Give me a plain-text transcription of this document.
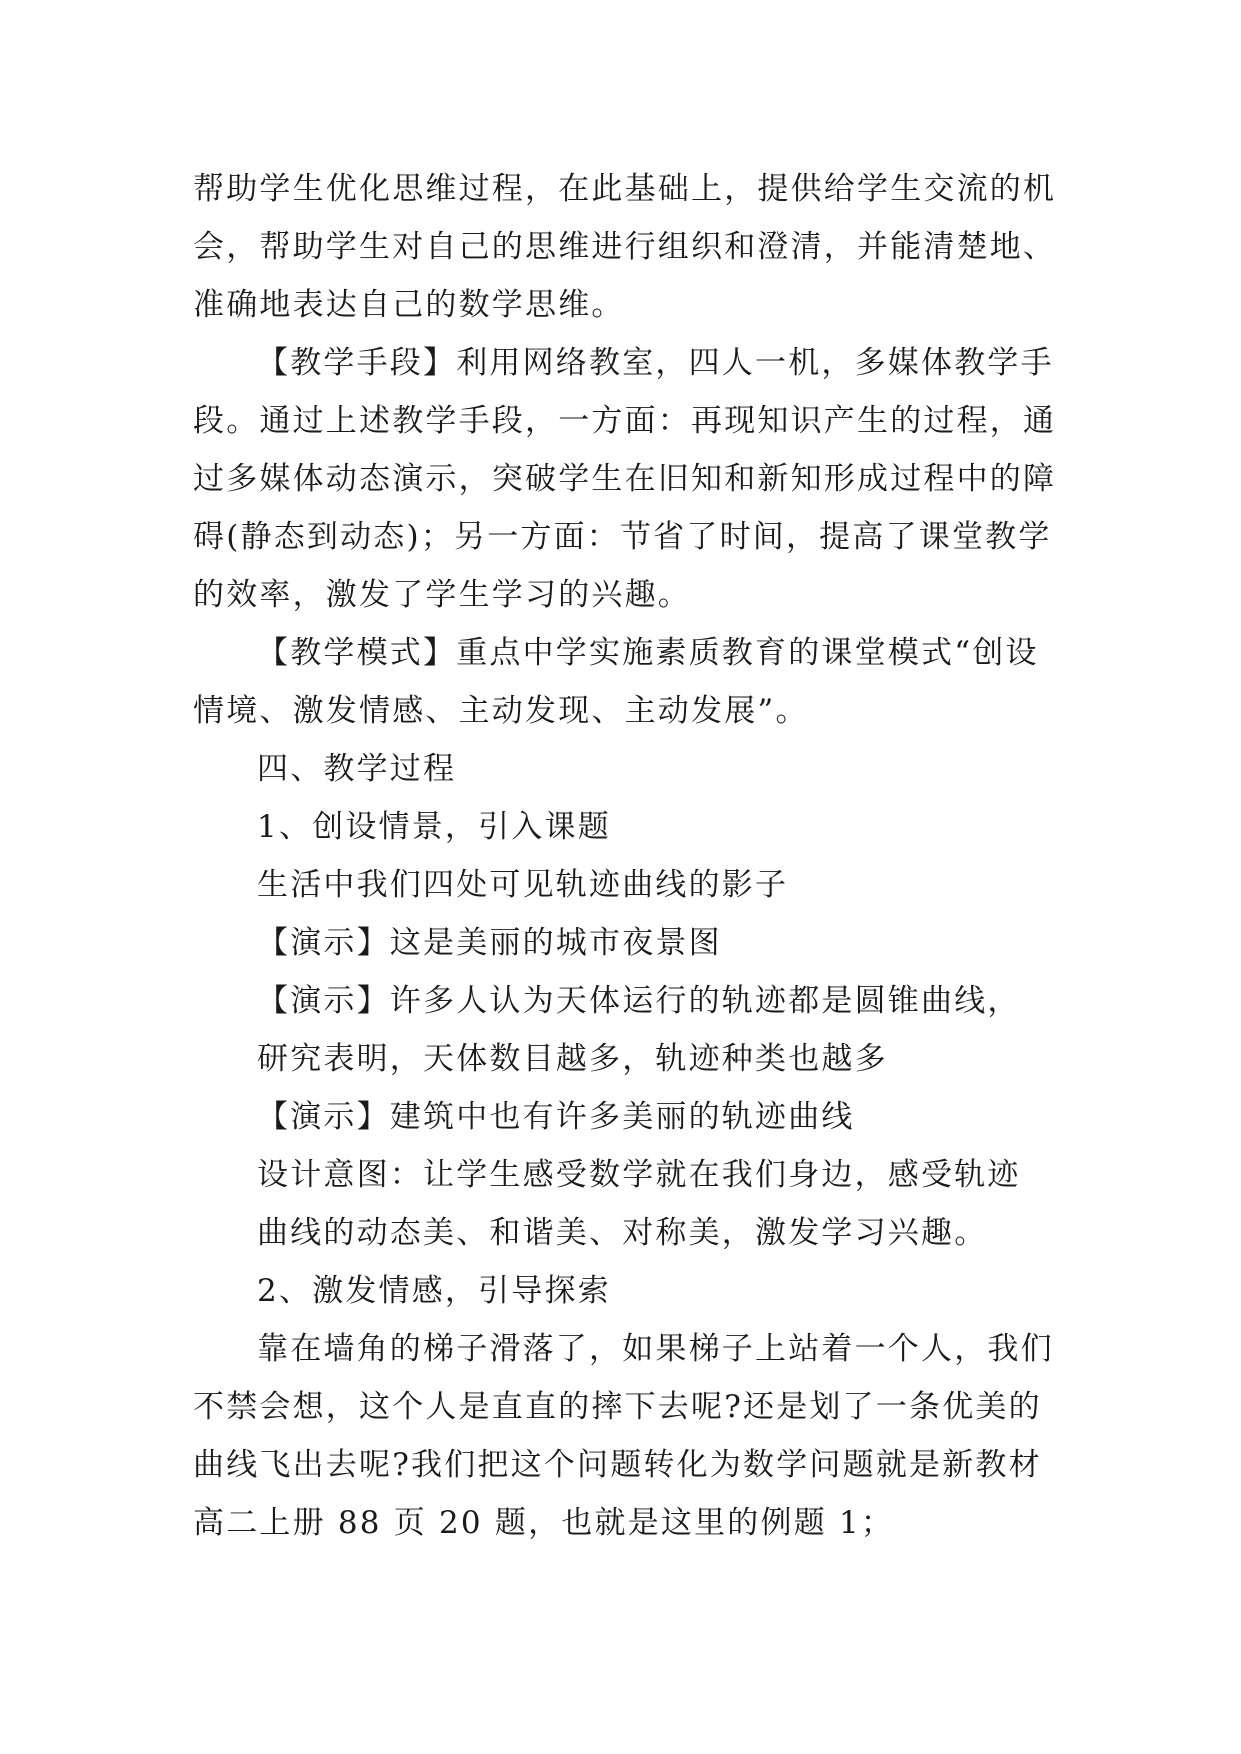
帮助学生优化思维过程，在此基础上，提供给学生交流的机
会，帮助学生对自己的思维进行组织和澄清，并能清楚地、
准确地表达自己的数学思维。
【教学手段】利用网络教室，四人一机，多媒体教学手
段。通过上述教学手段，一方面：再现知识产生的过程，通
过多媒体动态演示，突破学生在旧知和新知形成过程中的障
碍(静态到动态)；另一方面：节省了时间，提高了课堂教学
的效率，激发了学生学习的兴趣。
【教学模式】重点中学实施素质教育的课堂模式“创设
情境、激发情感、主动发现、主动发展”。
四、教学过程
1、创设情景，引入课题
生活中我们四处可见轨迹曲线的影子
【演示】这是美丽的城市夜景图
【演示】许多人认为天体运行的轨迹都是圆锥曲线，
研究表明，天体数目越多，轨迹种类也越多
【演示】建筑中也有许多美丽的轨迹曲线
设计意图：让学生感受数学就在我们身边，感受轨迹
曲线的动态美、和谐美、对称美，激发学习兴趣。
2、激发情感，引导探索
靠在墙角的梯子滑落了，如果梯子上站着一个人，我们
不禁会想，这个人是直直的摔下去呢?还是划了一条优美的
曲线飞出去呢?我们把这个问题转化为数学问题就是新教材
高二上册 88 页 20 题，也就是这里的例题 1；
